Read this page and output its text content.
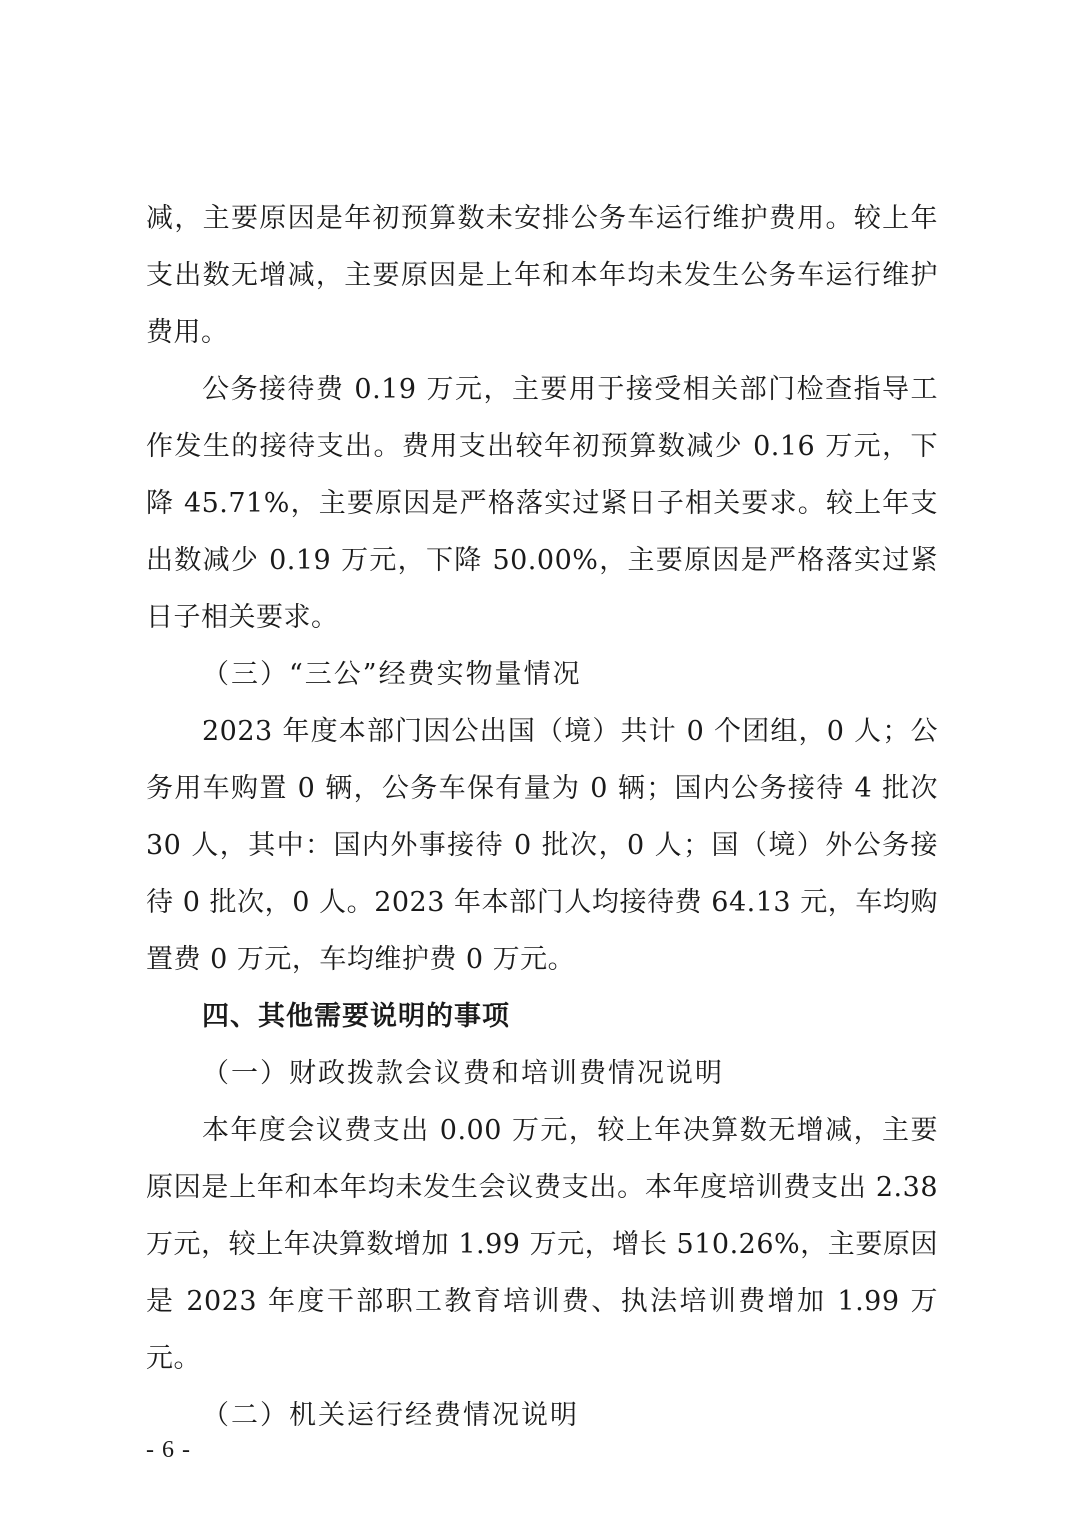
减，主要原因是年初预算数未安排公务车运行维护费用。较上年支出数无增减，主要原因是上年和本年均未发生公务车运行维护费用。

公务接待费 0.19 万元，主要用于接受相关部门检查指导工作发生的接待支出。费用支出较年初预算数减少 0.16 万元，下降 45.71%，主要原因是严格落实过紧日子相关要求。较上年支出数减少 0.19 万元，下降 50.00%，主要原因是严格落实过紧日子相关要求。

（三）“三公”经费实物量情况

2023 年度本部门因公出国（境）共计 0 个团组，0 人；公务用车购置 0 辆，公务车保有量为 0 辆；国内公务接待 4 批次 30 人，其中：国内外事接待 0 批次，0 人；国（境）外公务接待 0 批次，0 人。2023 年本部门人均接待费 64.13 元，车均购置费 0 万元，车均维护费 0 万元。

四、其他需要说明的事项

（一）财政拨款会议费和培训费情况说明

本年度会议费支出 0.00 万元，较上年决算数无增减，主要原因是上年和本年均未发生会议费支出。本年度培训费支出 2.38 万元，较上年决算数增加 1.99 万元，增长 510.26%，主要原因是 2023 年度干部职工教育培训费、执法培训费增加 1.99 万元。

（二）机关运行经费情况说明

- 6 -
